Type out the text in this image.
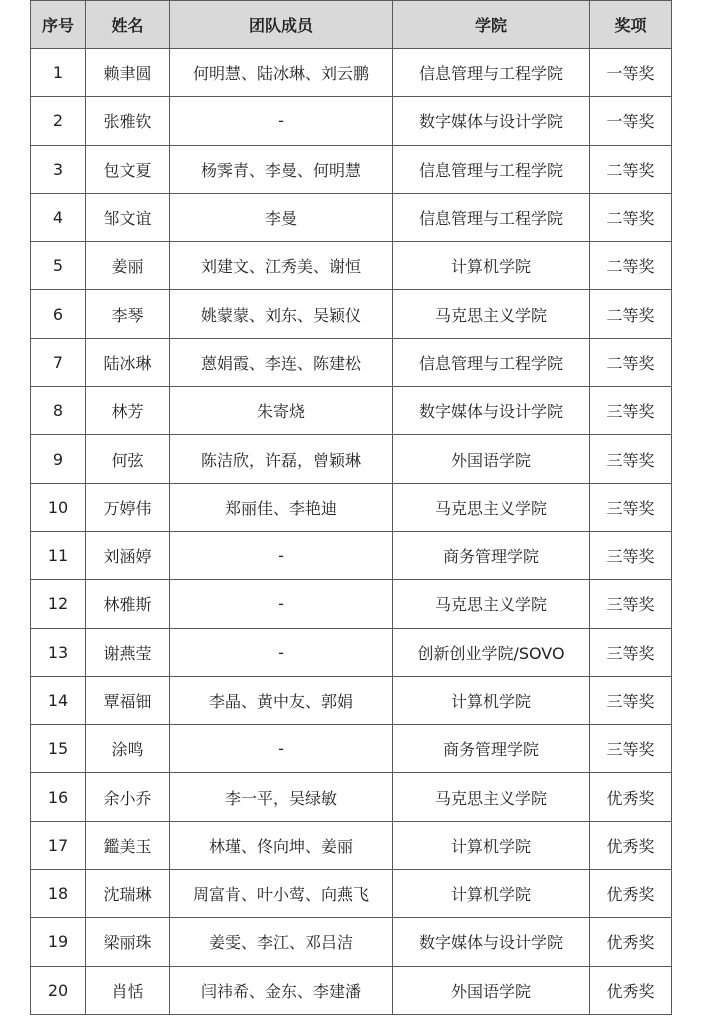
序号	姓名	团队成员	学院	奖项
1	赖聿圆	何明慧、陆冰琳、刘云鹏	信息管理与工程学院	一等奖
2	张雅钦	-	数字媒体与设计学院	一等奖
3	包文夏	杨霁青、李曼、何明慧	信息管理与工程学院	二等奖
4	邹文谊	李曼	信息管理与工程学院	二等奖
5	姜丽	刘建文、江秀美、谢恒	计算机学院	二等奖
6	李琴	姚蒙蒙、刘东、吴颖仪	马克思主义学院	二等奖
7	陆冰琳	蒽娟霞、李连、陈建松	信息管理与工程学院	二等奖
8	林芳	朱寄烧	数字媒体与设计学院	三等奖
9	何弦	陈洁欣，许磊，曾颖琳	外国语学院	三等奖
10	万婷伟	郑丽佳、李艳迪	马克思主义学院	三等奖
11	刘涵婷	-	商务管理学院	三等奖
12	林雅斯	-	马克思主义学院	三等奖
13	谢燕莹	-	创新创业学院/SOVO	三等奖
14	覃福钿	李晶、黄中友、郭娟	计算机学院	三等奖
15	涂鸣	-	商务管理学院	三等奖
16	余小乔	李一平，吴绿敏	马克思主义学院	优秀奖
17	鑑美玉	林瑾、佟向坤、姜丽	计算机学院	优秀奖
18	沈瑞琳	周富肯、叶小莺、向燕飞	计算机学院	优秀奖
19	梁丽珠	姜雯、李江、邓吕洁	数字媒体与设计学院	优秀奖
20	肖恬	闫祎希、金东、李建潘	外国语学院	优秀奖
